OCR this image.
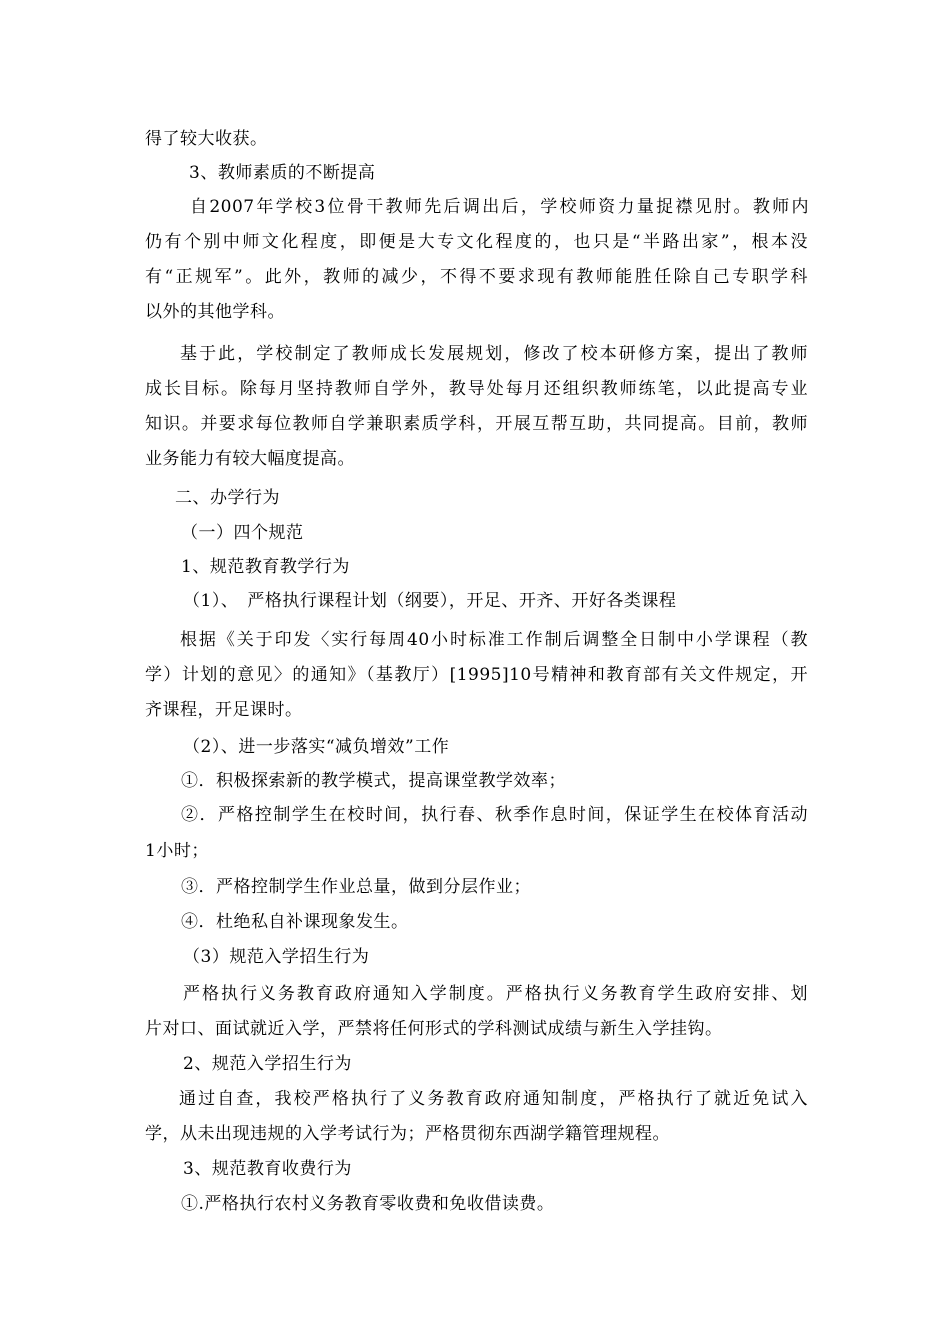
得了较大收获。
3、教师素质的不断提高
自2007年学校3位骨干教师先后调出后，学校师资力量捉襟见肘。教师内
仍有个别中师文化程度，即便是大专文化程度的，也只是“半路出家”，根本没
有“正规军”。此外，教师的减少，不得不要求现有教师能胜任除自己专职学科
以外的其他学科。
基于此，学校制定了教师成长发展规划，修改了校本研修方案，提出了教师
成长目标。除每月坚持教师自学外，教导处每月还组织教师练笔，以此提高专业
知识。并要求每位教师自学兼职素质学科，开展互帮互助，共同提高。目前，教师
业务能力有较大幅度提高。
二、办学行为
（一）四个规范
1、规范教育教学行为
（1）、　严格执行课程计划（纲要），开足、开齐、开好各类课程
根据《关于印发〈实行每周40小时标准工作制后调整全日制中小学课程（教
学）计划的意见〉的通知》（基教厅）[1995]10号精神和教育部有关文件规定，开
齐课程，开足课时。
（2）、进一步落实“减负增效”工作
①．积极探索新的教学模式，提高课堂教学效率；
②．严格控制学生在校时间，执行春、秋季作息时间，保证学生在校体育活动
1小时；
③．严格控制学生作业总量，做到分层作业；
④．杜绝私自补课现象发生。
（3）规范入学招生行为
严格执行义务教育政府通知入学制度。严格执行义务教育学生政府安排、划
片对口、面试就近入学，严禁将任何形式的学科测试成绩与新生入学挂钩。
2、规范入学招生行为
通过自查，我校严格执行了义务教育政府通知制度，严格执行了就近免试入
学，从未出现违规的入学考试行为；严格贯彻东西湖学籍管理规程。
3、规范教育收费行为
①.严格执行农村义务教育零收费和免收借读费。
